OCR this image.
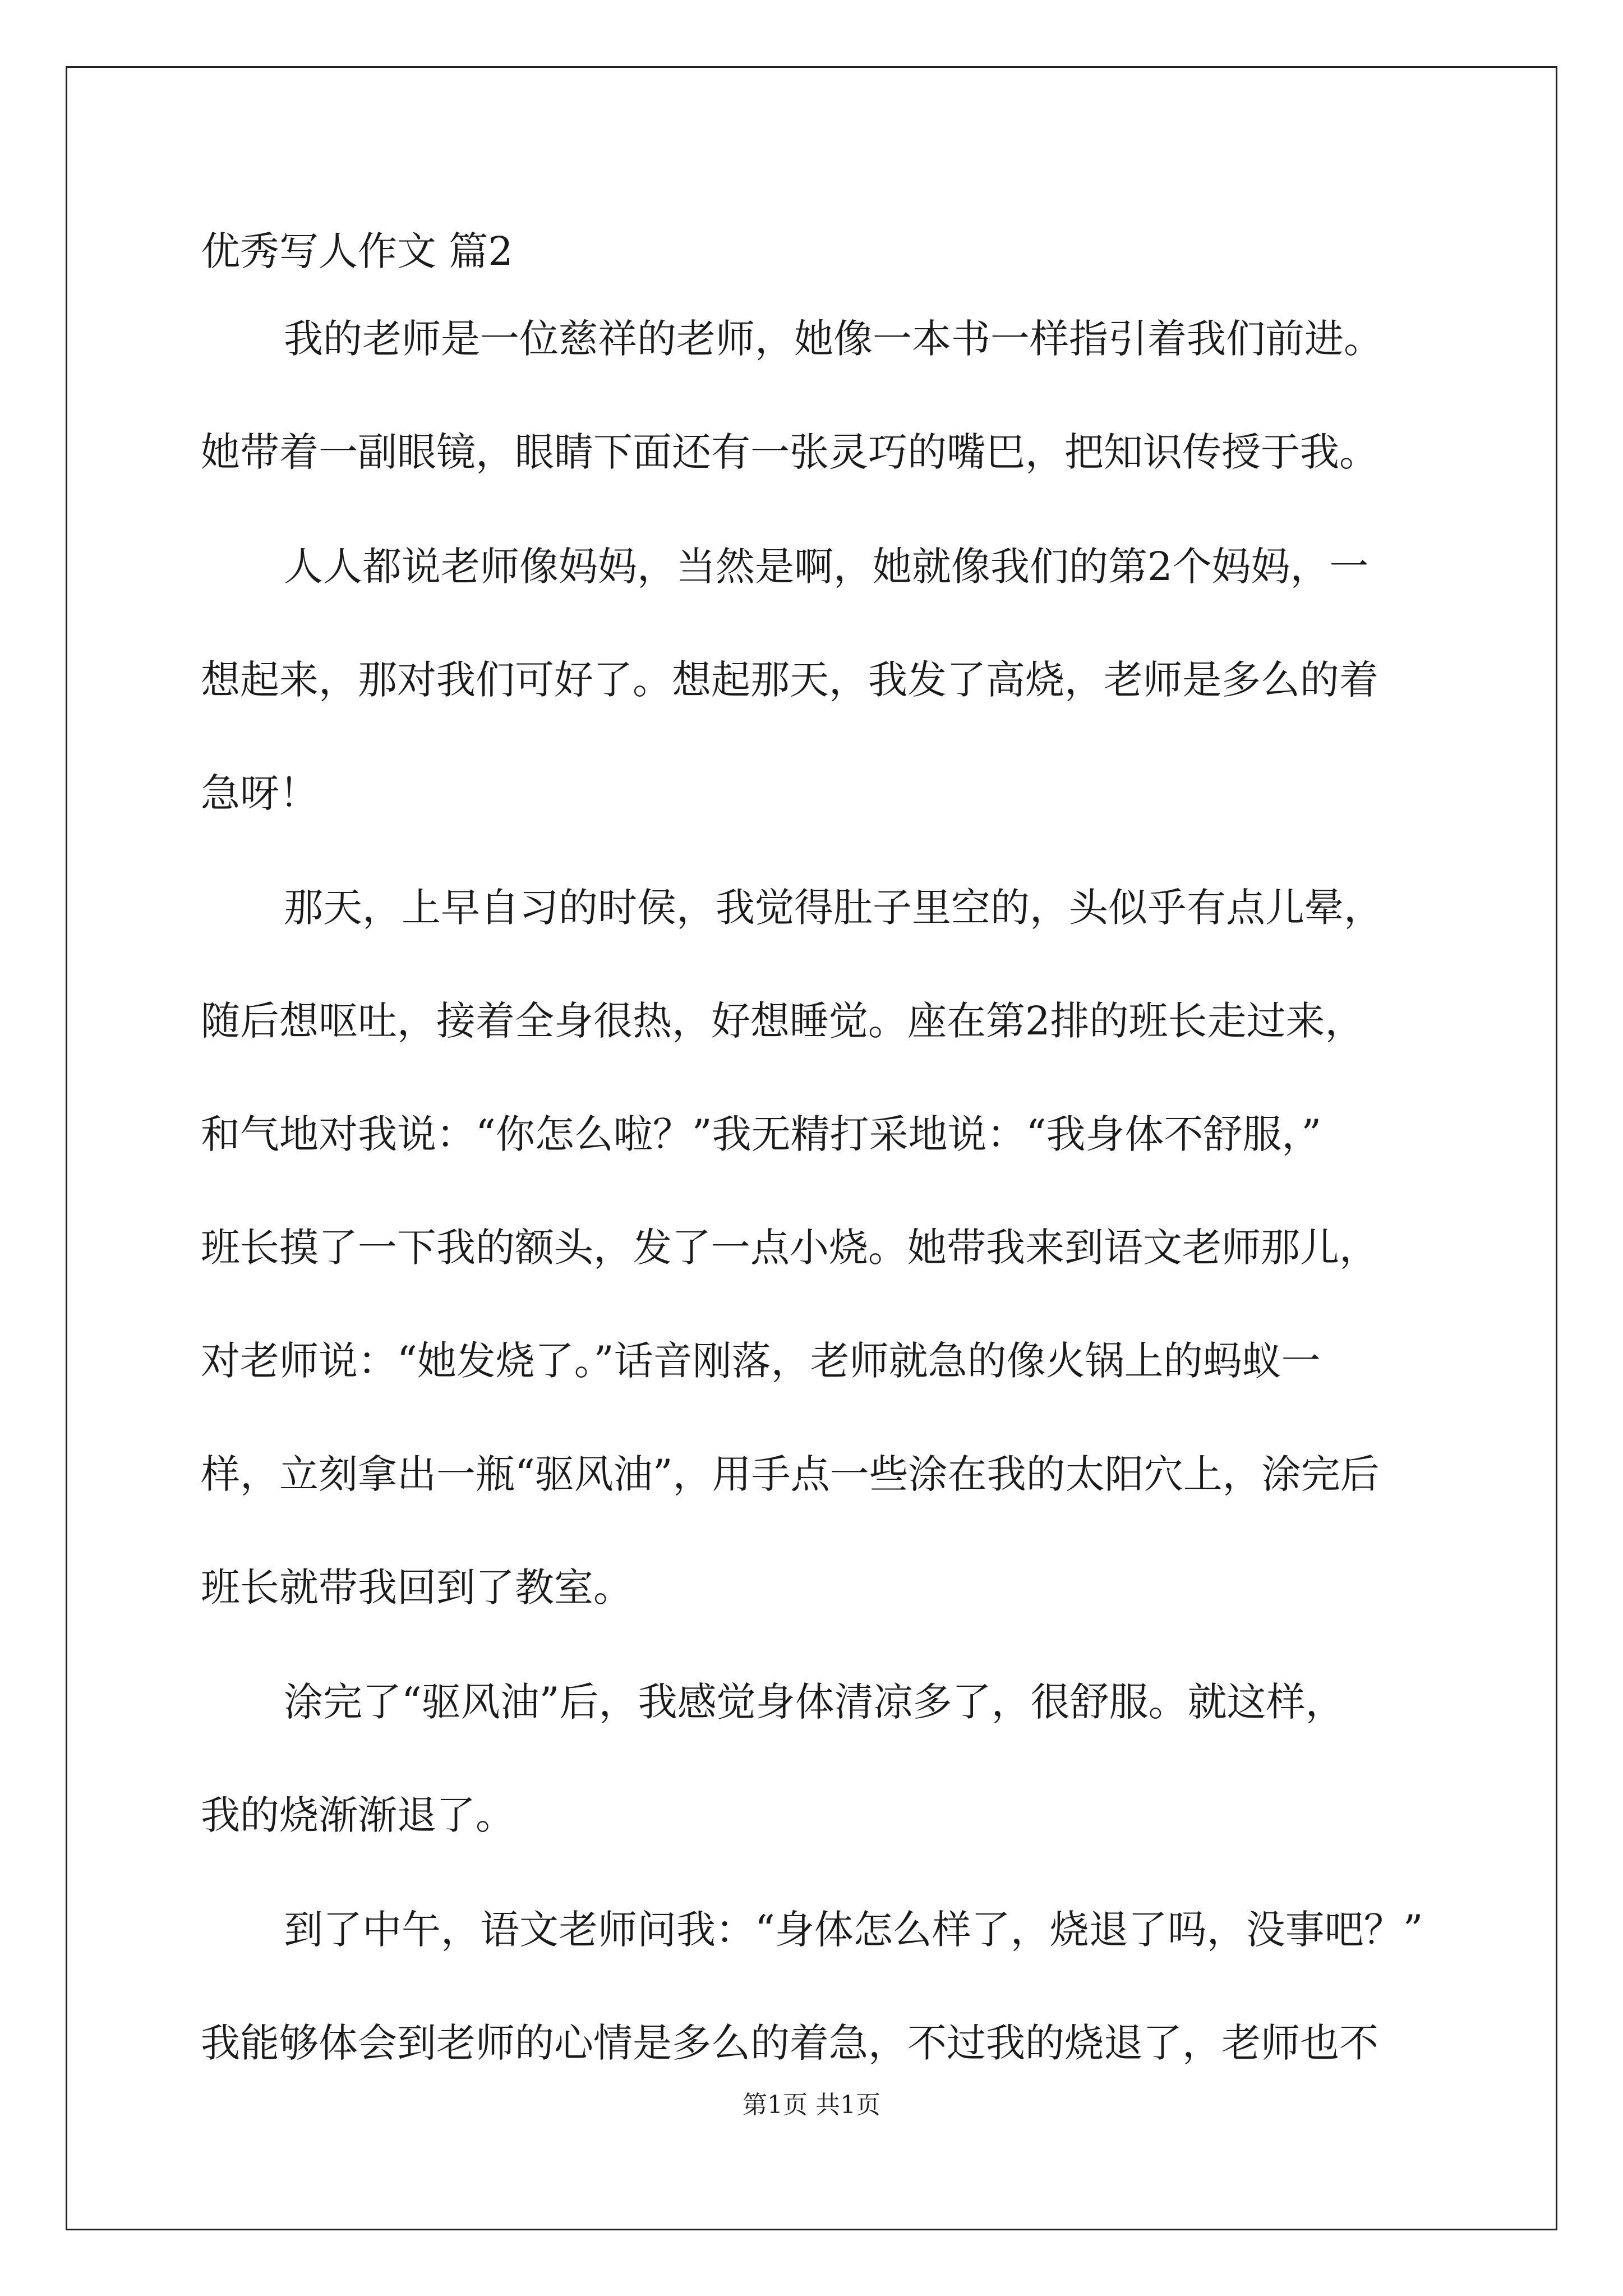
优秀写人作文 篇2
我的老师是一位慈祥的老师，她像一本书一样指引着我们前进。
她带着一副眼镜，眼睛下面还有一张灵巧的嘴巴，把知识传授于我。
人人都说老师像妈妈，当然是啊，她就像我们的第2个妈妈，一
想起来，那对我们可好了。想起那天，我发了高烧，老师是多么的着
急呀！
那天，上早自习的时侯，我觉得肚子里空的，头似乎有点儿晕，
随后想呕吐，接着全身很热，好想睡觉。座在第2排的班长走过来，
和气地对我说：“你怎么啦？”我无精打采地说：“我身体不舒服，”
班长摸了一下我的额头，发了一点小烧。她带我来到语文老师那儿，
对老师说：“她发烧了。”话音刚落，老师就急的像火锅上的蚂蚁一
样，立刻拿出一瓶“驱风油”，用手点一些涂在我的太阳穴上，涂完后
班长就带我回到了教室。
涂完了“驱风油”后，我感觉身体清凉多了，很舒服。就这样，
我的烧渐渐退了。
到了中午，语文老师问我：“身体怎么样了，烧退了吗，没事吧？”
我能够体会到老师的心情是多么的着急，不过我的烧退了，老师也不
第1页 共1页
